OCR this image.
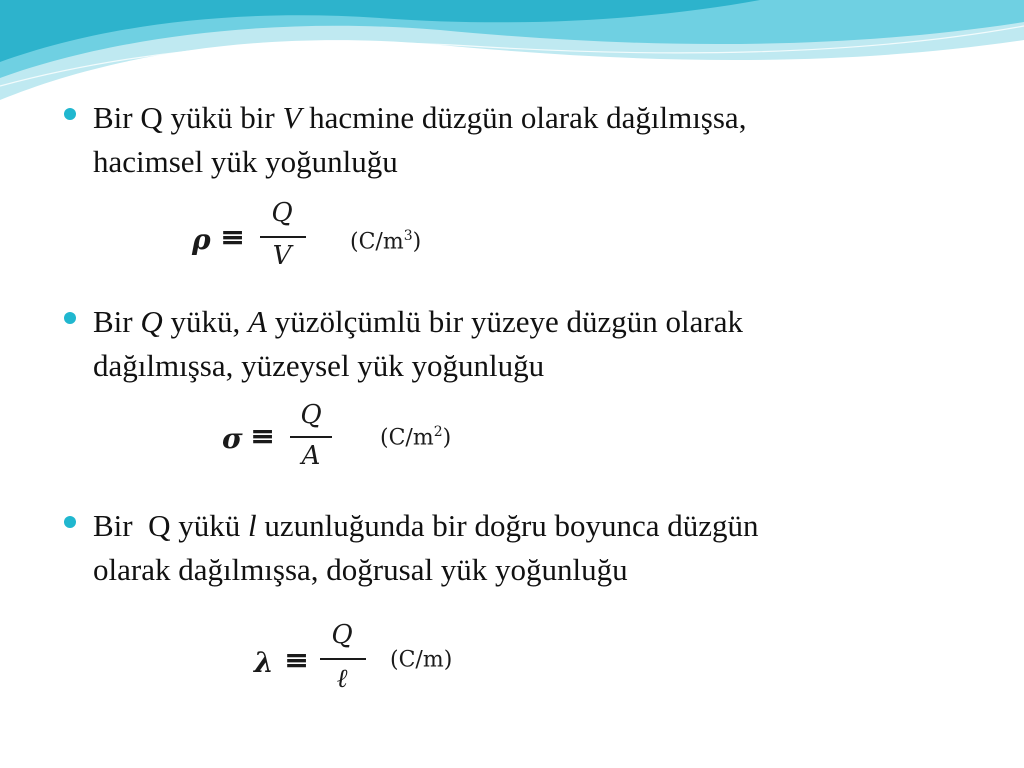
Bir Q yükü bir V hacmine düzgün olarak dağılmışsa,
hacimsel yük yoğunluğu
ρ ≡
Q
V	$(C/m^3)$
Bir Q yükü, A yüzölçümlü bir yüzeye düzgün olarak
dağılmışsa, yüzeysel yük yoğunluğu
σ ≡
Q
A
$(C/m^2)$
Bir  Q yükü l uzunluğunda bir doğru boyunca düzgün
olarak dağılmışsa, doğrusal yük yoğunluğu
λ ≡
Q
ℓ
(C/m)
